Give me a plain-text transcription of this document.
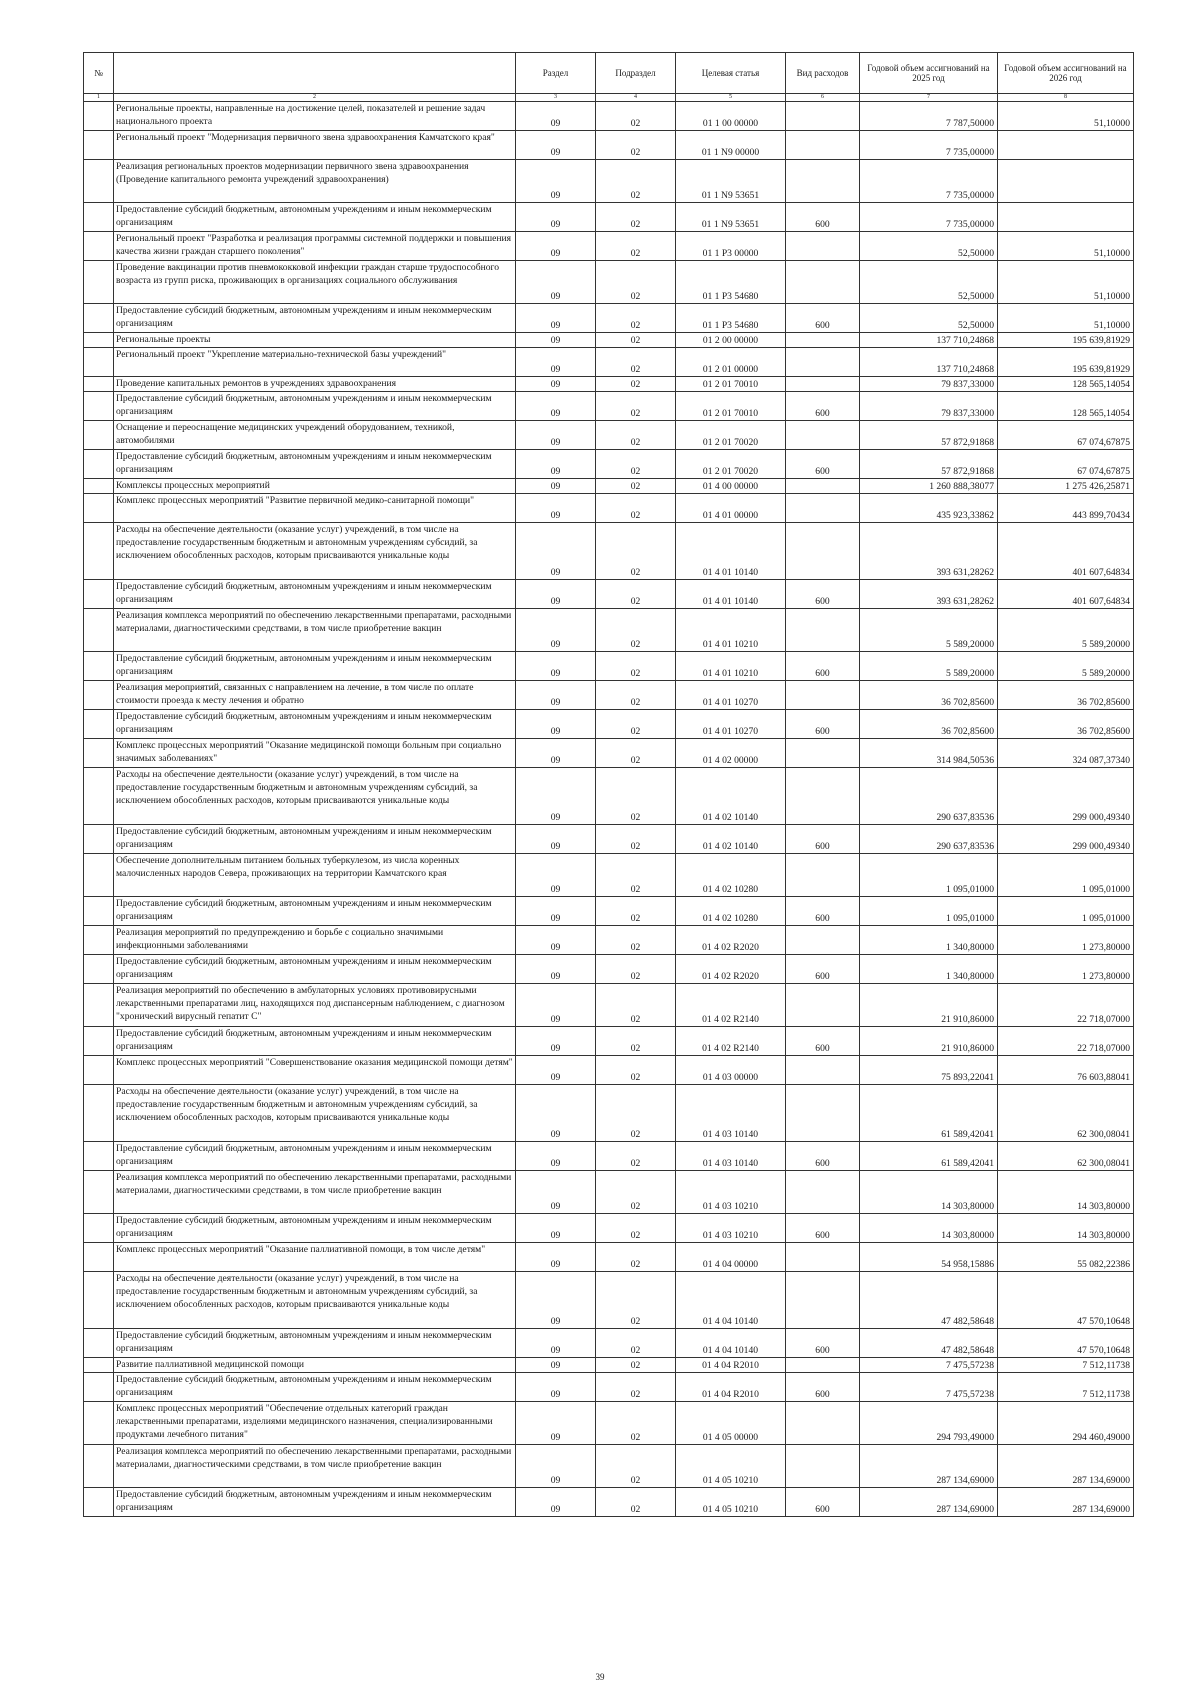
№		Раздел	Подраздел	Целевая статья	Вид расходов	Годовой объем ассигнований на 2025 год	Годовой объем ассигнований на 2026 год
1	2	3	4	5	6	7	8
	Региональные проекты, направленные на достижение целей, показателей и решение задач национального проекта	09	02	01 1 00 00000		7 787,50000	51,10000
	Региональный проект "Модернизация первичного звена здравоохранения Камчатского края"	09	02	01 1 N9 00000		7 735,00000	
	Реализация региональных проектов модернизации первичного звена здравоохранения (Проведение капитального ремонта учреждений здравоохранения)	09	02	01 1 N9 53651		7 735,00000	
	Предоставление субсидий бюджетным, автономным учреждениям и иным некоммерческим организациям	09	02	01 1 N9 53651	600	7 735,00000	
	Региональный проект "Разработка и реализация программы системной поддержки и повышения качества жизни граждан старшего поколения"	09	02	01 1 P3 00000		52,50000	51,10000
	Проведение вакцинации против пневмококковой инфекции граждан старше трудоспособного возраста из групп риска, проживающих в организациях социального обслуживания	09	02	01 1 P3 54680		52,50000	51,10000
	Предоставление субсидий бюджетным, автономным учреждениям и иным некоммерческим организациям	09	02	01 1 P3 54680	600	52,50000	51,10000
	Региональные проекты	09	02	01 2 00 00000		137 710,24868	195 639,81929
	Региональный проект "Укрепление материально-технической базы учреждений"	09	02	01 2 01 00000		137 710,24868	195 639,81929
	Проведение капитальных ремонтов в учреждениях здравоохранения	09	02	01 2 01 70010		79 837,33000	128 565,14054
	Предоставление субсидий бюджетным, автономным учреждениям и иным некоммерческим организациям	09	02	01 2 01 70010	600	79 837,33000	128 565,14054
	Оснащение и переоснащение медицинских учреждений оборудованием, техникой, автомобилями	09	02	01 2 01 70020		57 872,91868	67 074,67875
	Предоставление субсидий бюджетным, автономным учреждениям и иным некоммерческим организациям	09	02	01 2 01 70020	600	57 872,91868	67 074,67875
	Комплексы процессных мероприятий	09	02	01 4 00 00000		1 260 888,38077	1 275 426,25871
	Комплекс процессных мероприятий "Развитие первичной медико-санитарной помощи"	09	02	01 4 01 00000		435 923,33862	443 899,70434
	Расходы на обеспечение деятельности (оказание услуг) учреждений, в том числе на предоставление государственным бюджетным и автономным учреждениям субсидий, за исключением обособленных расходов, которым присваиваются уникальные коды	09	02	01 4 01 10140		393 631,28262	401 607,64834
	Предоставление субсидий бюджетным, автономным учреждениям и иным некоммерческим организациям	09	02	01 4 01 10140	600	393 631,28262	401 607,64834
	Реализация комплекса мероприятий по обеспечению лекарственными препаратами, расходными материалами, диагностическими средствами, в том числе приобретение вакцин	09	02	01 4 01 10210		5 589,20000	5 589,20000
	Предоставление субсидий бюджетным, автономным учреждениям и иным некоммерческим организациям	09	02	01 4 01 10210	600	5 589,20000	5 589,20000
	Реализация мероприятий, связанных с направлением на лечение, в том числе по оплате стоимости проезда к месту лечения и обратно	09	02	01 4 01 10270		36 702,85600	36 702,85600
	Предоставление субсидий бюджетным, автономным учреждениям и иным некоммерческим организациям	09	02	01 4 01 10270	600	36 702,85600	36 702,85600
	Комплекс процессных мероприятий "Оказание медицинской помощи больным при социально значимых заболеваниях"	09	02	01 4 02 00000		314 984,50536	324 087,37340
	Расходы на обеспечение деятельности (оказание услуг) учреждений, в том числе на предоставление государственным бюджетным и автономным учреждениям субсидий, за исключением обособленных расходов, которым присваиваются уникальные коды	09	02	01 4 02 10140		290 637,83536	299 000,49340
	Предоставление субсидий бюджетным, автономным учреждениям и иным некоммерческим организациям	09	02	01 4 02 10140	600	290 637,83536	299 000,49340
	Обеспечение дополнительным питанием больных туберкулезом, из числа коренных малочисленных народов Севера, проживающих на территории Камчатского края	09	02	01 4 02 10280		1 095,01000	1 095,01000
	Предоставление субсидий бюджетным, автономным учреждениям и иным некоммерческим организациям	09	02	01 4 02 10280	600	1 095,01000	1 095,01000
	Реализация мероприятий по предупреждению и борьбе с социально значимыми инфекционными заболеваниями	09	02	01 4 02 R2020		1 340,80000	1 273,80000
	Предоставление субсидий бюджетным, автономным учреждениям и иным некоммерческим организациям	09	02	01 4 02 R2020	600	1 340,80000	1 273,80000
	Реализация мероприятий по обеспечению в амбулаторных условиях противовирусными лекарственными препаратами лиц, находящихся под диспансерным наблюдением, с диагнозом "хронический вирусный гепатит С"	09	02	01 4 02 R2140		21 910,86000	22 718,07000
	Предоставление субсидий бюджетным, автономным учреждениям и иным некоммерческим организациям	09	02	01 4 02 R2140	600	21 910,86000	22 718,07000
	Комплекс процессных мероприятий "Совершенствование оказания медицинской помощи детям"	09	02	01 4 03 00000		75 893,22041	76 603,88041
	Расходы на обеспечение деятельности (оказание услуг) учреждений, в том числе на предоставление государственным бюджетным и автономным учреждениям субсидий, за исключением обособленных расходов, которым присваиваются уникальные коды	09	02	01 4 03 10140		61 589,42041	62 300,08041
	Предоставление субсидий бюджетным, автономным учреждениям и иным некоммерческим организациям	09	02	01 4 03 10140	600	61 589,42041	62 300,08041
	Реализация комплекса мероприятий по обеспечению лекарственными препаратами, расходными материалами, диагностическими средствами, в том числе приобретение вакцин	09	02	01 4 03 10210		14 303,80000	14 303,80000
	Предоставление субсидий бюджетным, автономным учреждениям и иным некоммерческим организациям	09	02	01 4 03 10210	600	14 303,80000	14 303,80000
	Комплекс процессных мероприятий "Оказание паллиативной помощи, в том числе детям"	09	02	01 4 04 00000		54 958,15886	55 082,22386
	Расходы на обеспечение деятельности (оказание услуг) учреждений, в том числе на предоставление государственным бюджетным и автономным учреждениям субсидий, за исключением обособленных расходов, которым присваиваются уникальные коды	09	02	01 4 04 10140		47 482,58648	47 570,10648
	Предоставление субсидий бюджетным, автономным учреждениям и иным некоммерческим организациям	09	02	01 4 04 10140	600	47 482,58648	47 570,10648
	Развитие паллиативной медицинской помощи	09	02	01 4 04 R2010		7 475,57238	7 512,11738
	Предоставление субсидий бюджетным, автономным учреждениям и иным некоммерческим организациям	09	02	01 4 04 R2010	600	7 475,57238	7 512,11738
	Комплекс процессных мероприятий "Обеспечение отдельных категорий граждан лекарственными препаратами, изделиями медицинского назначения, специализированными продуктами лечебного питания"	09	02	01 4 05 00000		294 793,49000	294 460,49000
	Реализация комплекса мероприятий по обеспечению лекарственными препаратами, расходными материалами, диагностическими средствами, в том числе приобретение вакцин	09	02	01 4 05 10210		287 134,69000	287 134,69000
	Предоставление субсидий бюджетным, автономным учреждениям и иным некоммерческим организациям	09	02	01 4 05 10210	600	287 134,69000	287 134,69000
39
